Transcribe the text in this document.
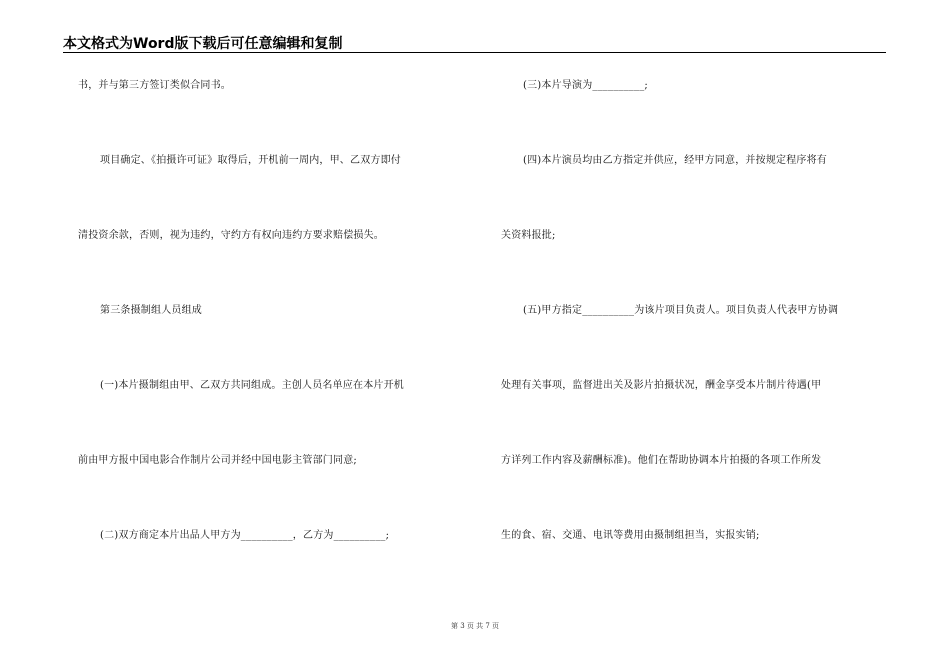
本文格式为Word版下载后可任意编辑和复制
书，并与第三方签订类似合同书。
项目确定、《拍摄许可证》取得后，开机前一周内，甲、乙双方即付
清投资余款，否则，视为违约，守约方有权向违约方要求赔偿损失。
第三条摄制组人员组成
(一)本片摄制组由甲、乙双方共同组成。主创人员名单应在本片开机
前由甲方报中国电影合作制片公司并经中国电影主管部门同意;
(二)双方商定本片出品人甲方为__________，乙方为__________;
(三)本片导演为__________;
(四)本片演员均由乙方指定并供应，经甲方同意，并按规定程序将有
关资料报批;
(五)甲方指定__________为该片项目负责人。项目负责人代表甲方协调
处理有关事项，监督进出关及影片拍摄状况，酬金享受本片制片待遇(甲
方详列工作内容及薪酬标准)。他们在帮助协调本片拍摄的各项工作所发
生的食、宿、交通、电讯等费用由摄制组担当，实报实销;
第 3 页 共 7 页
